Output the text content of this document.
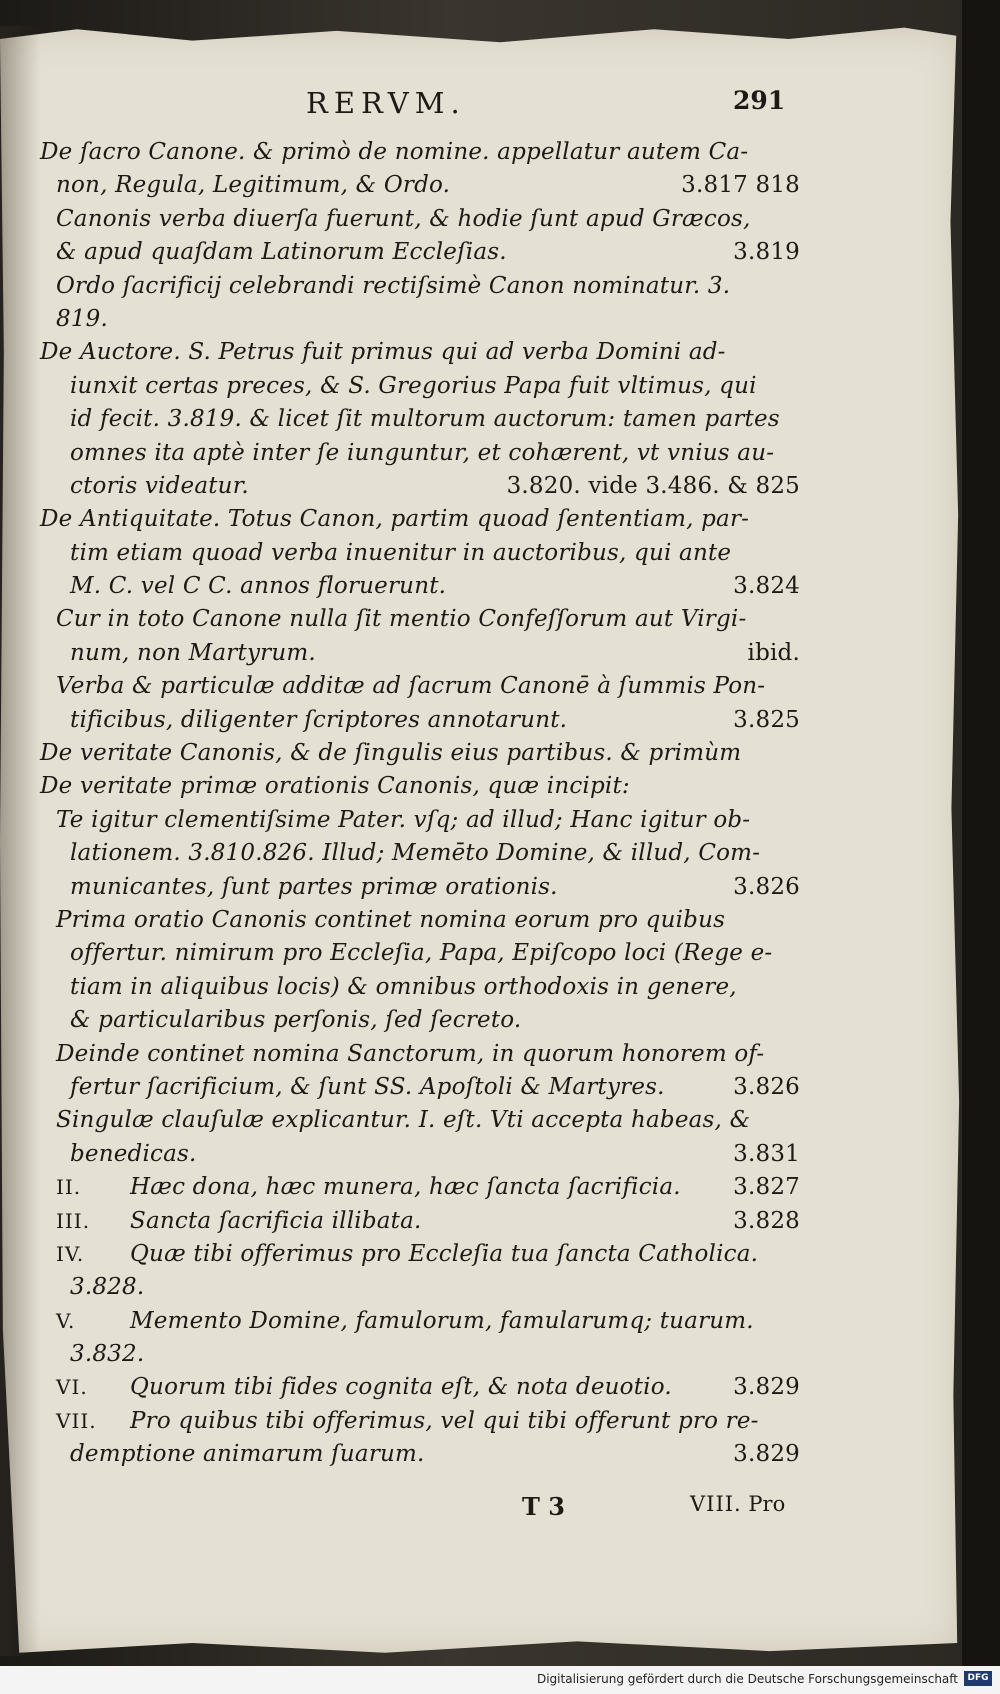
RERVM.	291
De ſacro Canone. & primò de nomine. appellatur autem Ca-
non, Regula, Legitimum, & Ordo.	3.817 818
Canonis verba diuerſa fuerunt, & hodie ſunt apud Græcos,
& apud quaſdam Latinorum Eccleſias.	3.819
Ordo ſacrificij celebrandi rectiſsimè Canon nominatur. 3.
819.
De Auctore. S. Petrus fuit primus qui ad verba Domini ad-
iunxit certas preces, & S. Gregorius Papa fuit vltimus, qui
id fecit. 3.819. & licet ſit multorum auctorum: tamen partes
omnes ita aptè inter ſe iunguntur, et cohærent, vt vnius au-
ctoris videatur.	3.820. vide 3.486. & 825
De Antiquitate. Totus Canon, partim quoad ſententiam, par-
tim etiam quoad verba inuenitur in auctoribus, qui ante
M. C. vel C C. annos floruerunt.	3.824
Cur in toto Canone nulla ſit mentio Confeſſorum aut Virgi-
num, non Martyrum.	ibid.
Verba & particulæ additæ ad ſacrum Canonē à ſummis Pon-
tificibus, diligenter ſcriptores annotarunt.	3.825
De veritate Canonis, & de ſingulis eius partibus. & primùm
De veritate primæ orationis Canonis, quæ incipit:
Te igitur clementiſsime Pater. vſq; ad illud; Hanc igitur ob-
lationem. 3.810.826. Illud; Memēto Domine, & illud, Com-
municantes, ſunt partes primæ orationis.	3.826
Prima oratio Canonis continet nomina eorum pro quibus
offertur. nimirum pro Eccleſia, Papa, Epiſcopo loci (Rege e-
tiam in aliquibus locis) & omnibus orthodoxis in genere,
& particularibus perſonis, ſed ſecreto.
Deinde continet nomina Sanctorum, in quorum honorem of-
fertur ſacrificium, & ſunt SS. Apoſtoli & Martyres.	3.826
Singulæ clauſulæ explicantur. I. eſt. Vti accepta habeas, &
benedicas.	3.831
II. Hæc dona, hæc munera, hæc ſancta ſacrificia. 3.827
III. Sancta ſacrificia illibata.	3.828
IV. Quæ tibi offerimus pro Eccleſia tua ſancta Catholica.
3.828.
V. Memento Domine, famulorum, famularumq; tuarum.
3.832.
VI. Quorum tibi fides cognita eſt, & nota deuotio.	3.829
VII. Pro quibus tibi offerimus, vel qui tibi offerunt pro re-
demptione animarum ſuarum.	3.829
T 3	VIII. Pro
Digitalisierung gefördert durch die Deutsche Forschungsgemeinschaft	DFG
